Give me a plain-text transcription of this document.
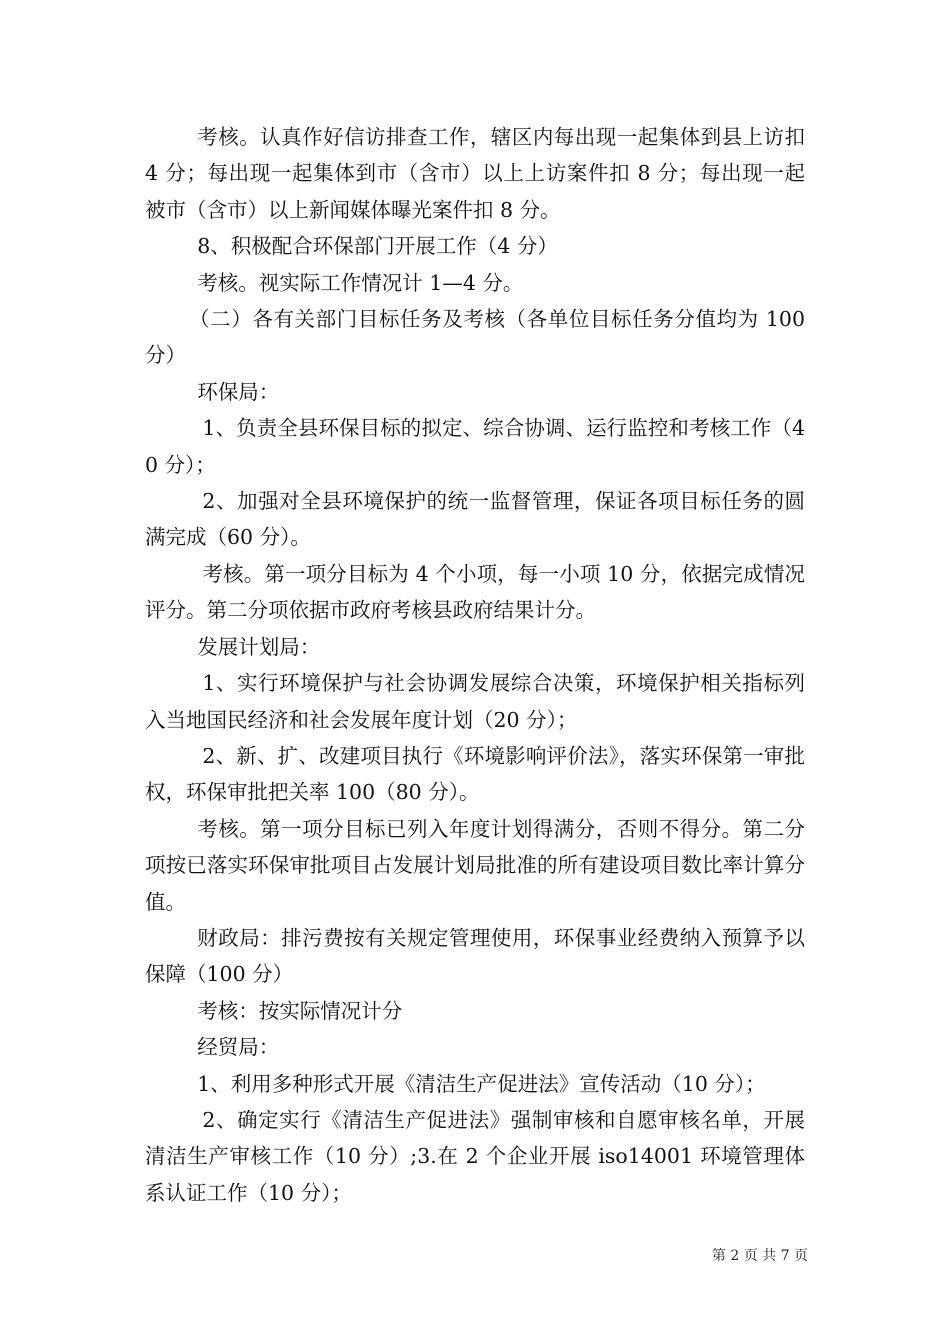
考核。认真作好信访排查工作，辖区内每出现一起集体到县上访扣 4 分；每出现一起集体到市（含市）以上上访案件扣 8 分；每出现一起被市（含市）以上新闻媒体曝光案件扣 8 分。

8、积极配合环保部门开展工作（4 分）

考核。视实际工作情况计 1—4 分。

（二）各有关部门目标任务及考核（各单位目标任务分值均为 100 分）

环保局：

1、负责全县环保目标的拟定、综合协调、运行监控和考核工作（40 分）；

2、加强对全县环境保护的统一监督管理，保证各项目标任务的圆满完成（60 分）。

考核。第一项分目标为 4 个小项，每一小项 10 分，依据完成情况评分。第二分项依据市政府考核县政府结果计分。

发展计划局：

1、实行环境保护与社会协调发展综合决策，环境保护相关指标列入当地国民经济和社会发展年度计划（20 分）；

2、新、扩、改建项目执行《环境影响评价法》，落实环保第一审批权，环保审批把关率 100（80 分）。

考核。第一项分目标已列入年度计划得满分，否则不得分。第二分项按已落实环保审批项目占发展计划局批准的所有建设项目数比率计算分值。

财政局：排污费按有关规定管理使用，环保事业经费纳入预算予以保障（100 分）

考核：按实际情况计分

经贸局：

1、利用多种形式开展《清洁生产促进法》宣传活动（10 分）；

2、确定实行《清洁生产促进法》强制审核和自愿审核名单，开展清洁生产审核工作（10 分）;3.在 2 个企业开展 iso14001 环境管理体系认证工作（10 分）；

第 2 页 共 7 页
